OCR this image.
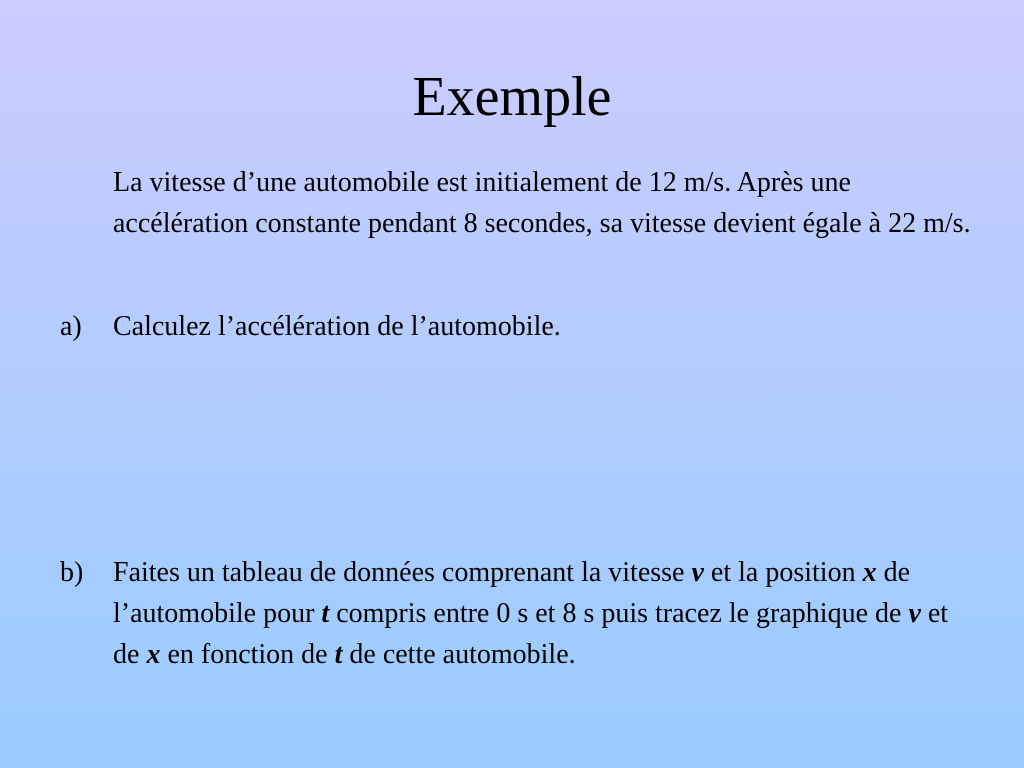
Exemple

La vitesse d’une automobile est initialement de 12 m/s. Après une accélération constante pendant 8 secondes, sa vitesse devient égale à 22 m/s.

a) Calculez l’accélération de l’automobile.

b) Faites un tableau de données comprenant la vitesse v et la position x de l’automobile pour t compris entre 0 s et 8 s puis tracez le graphique de v et de x en fonction de t de cette automobile.
